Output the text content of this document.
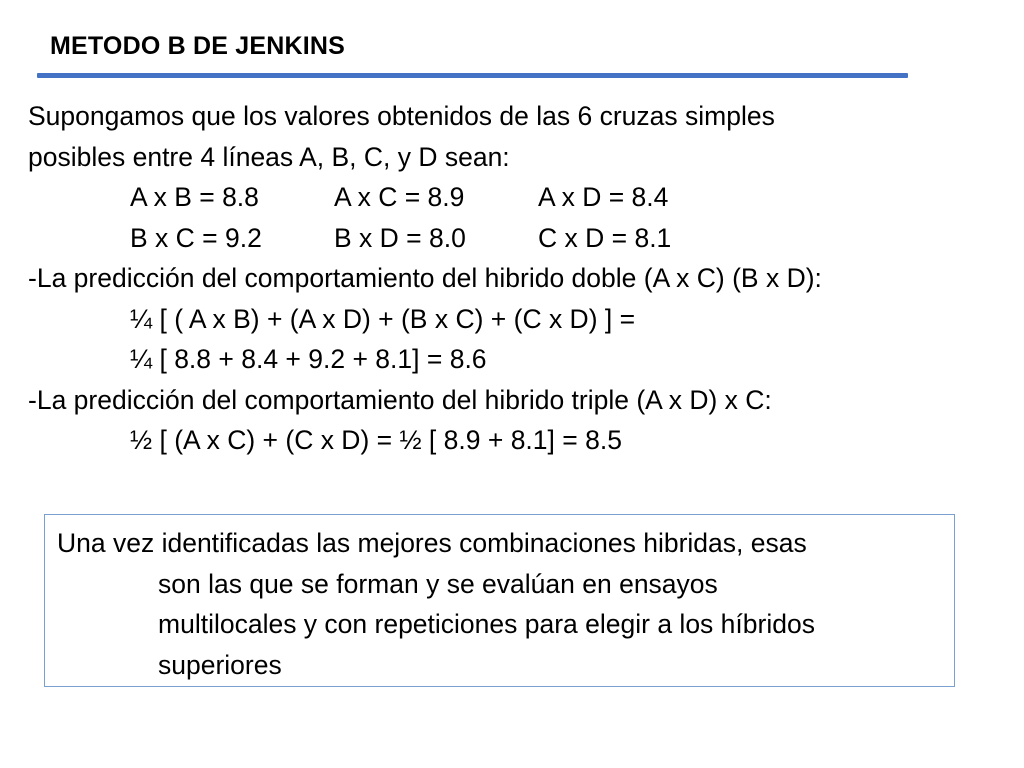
METODO B DE JENKINS
Supongamos que los valores obtenidos de las 6 cruzas simples
posibles entre 4 líneas A, B, C, y D sean:
A x B = 8.8	A x C = 8.9	A x D = 8.4
B x C = 9.2	B x D = 8.0	C x D = 8.1
-La predicción del comportamiento del hibrido doble (A x C) (B x D):
¼ [ ( A x B) + (A x D) + (B x C) + (C x D) ] =
¼ [ 8.8 + 8.4 + 9.2 + 8.1] = 8.6
-La predicción del comportamiento del hibrido triple (A x D) x C:
½ [ (A x C) + (C x D) = ½ [ 8.9 + 8.1] = 8.5
Una vez identificadas las mejores combinaciones hibridas, esas
son las que se forman y se evalúan en ensayos
multilocales y con repeticiones para elegir a los híbridos
superiores
